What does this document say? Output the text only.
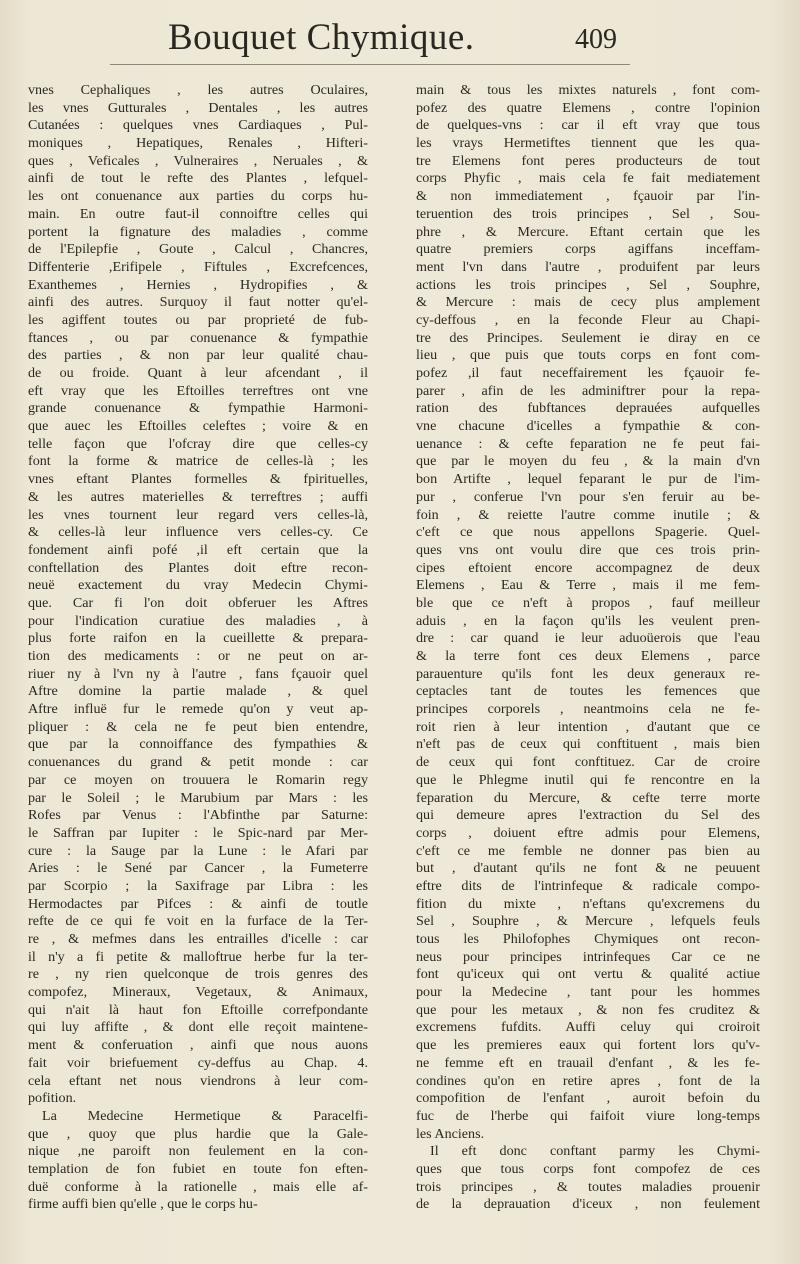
Bouquet Chymique.	409
vnes Cephaliques , les autres Oculaires,
les vnes Gutturales , Dentales , les autres
Cutanées : quelques vnes Cardiaques , Pul-
moniques , Hepatiques, Renales , Hifteri-
ques , Veficales , Vulneraires , Neruales , &
ainfi de tout le refte des Plantes , lefquel-
les ont conuenance aux parties du corps hu-
main. En outre faut-il connoiftre celles qui
portent la fignature des maladies , comme
de l'Epilepfie , Goute , Calcul , Chancres,
Diffenterie ,Erifipele , Fiftules , Excrefcences,
Exanthemes , Hernies , Hydropifies , &
ainfi des autres. Surquoy il faut notter qu'el-
les agiffent toutes ou par proprieté de fub-
ftances , ou par conuenance & fympathie
des parties , & non par leur qualité chau-
de ou froide. Quant à leur afcendant , il
eft vray que les Eftoilles terreftres ont vne
grande conuenance & fympathie Harmoni-
que auec les Eftoilles celeftes ; voire & en
telle façon que l'ofcray dire que celles-cy
font la forme & matrice de celles-là ; les
vnes eftant Plantes formelles & fpirituelles,
& les autres materielles & terreftres ; auffi
les vnes tournent leur regard vers celles-là,
& celles-là leur influence vers celles-cy. Ce
fondement ainfi pofé ,il eft certain que la
conftellation des Plantes doit eftre recon-
neuë exactement du vray Medecin Chymi-
que. Car fi l'on doit obferuer les Aftres
pour l'indication curatiue des maladies , à
plus forte raifon en la cueillette & prepara-
tion des medicaments : or ne peut on ar-
riuer ny à l'vn ny à l'autre , fans fçauoir quel
Aftre domine la partie malade , & quel
Aftre influë fur le remede qu'on y veut ap-
pliquer : & cela ne fe peut bien entendre,
que par la connoiffance des fympathies &
conuenances du grand & petit monde : car
par ce moyen on trouuera le Romarin regy
par le Soleil ; le Marubium par Mars : les
Rofes par Venus : l'Abfinthe par Saturne:
le Saffran par Iupiter : le Spic-nard par Mer-
cure : la Sauge par la Lune : le Afari par
Aries : le Sené par Cancer , la Fumeterre
par Scorpio ; la Saxifrage par Libra : les
Hermodactes par Pifces : & ainfi de toutle
refte de ce qui fe voit en la furface de la Ter-
re , & mefmes dans les entrailles d'icelle : car
il n'y a fi petite & malloftrue herbe fur la ter-
re , ny rien quelconque de trois genres des
compofez, Mineraux, Vegetaux, & Animaux,
qui n'ait là haut fon Eftoille correfpondante
qui luy affifte , & dont elle reçoit maintene-
ment & conferuation , ainfi que nous auons
fait voir briefuement cy-deffus au Chap. 4.
cela eftant net nous viendrons à leur com-
pofition.
La Medecine Hermetique & Paracelfi-
que , quoy que plus hardie que la Gale-
nique ,ne paroift non feulement en la con-
templation de fon fubiet en toute fon eften-
duë conforme à la rationelle , mais elle af-
firme auffi bien qu'elle , que le corps hu-
main & tous les mixtes naturels , font com-
pofez des quatre Elemens , contre l'opinion
de quelques-vns : car il eft vray que tous
les vrays Hermetiftes tiennent que les qua-
tre Elemens font peres producteurs de tout
corps Phyfic , mais cela fe fait mediatement
& non immediatement , fçauoir par l'in-
teruention des trois principes , Sel , Sou-
phre , & Mercure. Eftant certain que les
quatre premiers corps agiffans inceffam-
ment l'vn dans l'autre , produifent par leurs
actions les trois principes , Sel , Souphre,
& Mercure : mais de cecy plus amplement
cy-deffous , en la feconde Fleur au Chapi-
tre des Principes. Seulement ie diray en ce
lieu , que puis que touts corps en font com-
pofez ,il faut neceffairement les fçauoir fe-
parer , afin de les adminiftrer pour la repa-
ration des fubftances deprauées aufquelles
vne chacune d'icelles a fympathie & con-
uenance : & cefte feparation ne fe peut fai-
que par le moyen du feu , & la main d'vn
bon Artifte , lequel feparant le pur de l'im-
pur , conferue l'vn pour s'en feruir au be-
foin , & reiette l'autre comme inutile ; &
c'eft ce que nous appellons Spagerie. Quel-
ques vns ont voulu dire que ces trois prin-
cipes eftoient encore accompagnez de deux
Elemens , Eau & Terre , mais il me fem-
ble que ce n'eft à propos , fauf meilleur
aduis , en la façon qu'ils les veulent pren-
dre : car quand ie leur aduoüerois que l'eau
& la terre font ces deux Elemens , parce
parauenture qu'ils font les deux generaux re-
ceptacles tant de toutes les femences que
principes corporels , neantmoins cela ne fe-
roit rien à leur intention , d'autant que ce
n'eft pas de ceux qui conftituent , mais bien
de ceux qui font conftituez. Car de croire
que le Phlegme inutil qui fe rencontre en la
feparation du Mercure, & cefte terre morte
qui demeure apres l'extraction du Sel des
corps , doiuent eftre admis pour Elemens,
c'eft ce me femble ne donner pas bien au
but , d'autant qu'ils ne font & ne peuuent
eftre dits de l'intrinfeque & radicale compo-
fition du mixte , n'eftans qu'excremens du
Sel , Souphre , & Mercure , lefquels feuls
tous les Philofophes Chymiques ont recon-
neus pour principes intrinfeques Car ce ne
font qu'iceux qui ont vertu & qualité actiue
pour la Medecine , tant pour les hommes
que pour les metaux , & non fes cruditez &
excremens fufdits. Auffi celuy qui croiroit
que les premieres eaux qui fortent lors qu'v-
ne femme eft en trauail d'enfant , & les fe-
condines qu'on en retire apres , font de la
compofition de l'enfant , auroit befoin du
fuc de l'herbe qui faifoit viure long-temps
les Anciens.
Il eft donc conftant parmy les Chymi-
ques que tous corps font compofez de ces
trois principes , & toutes maladies prouenir
de la deprauation d'iceux , non feulement
